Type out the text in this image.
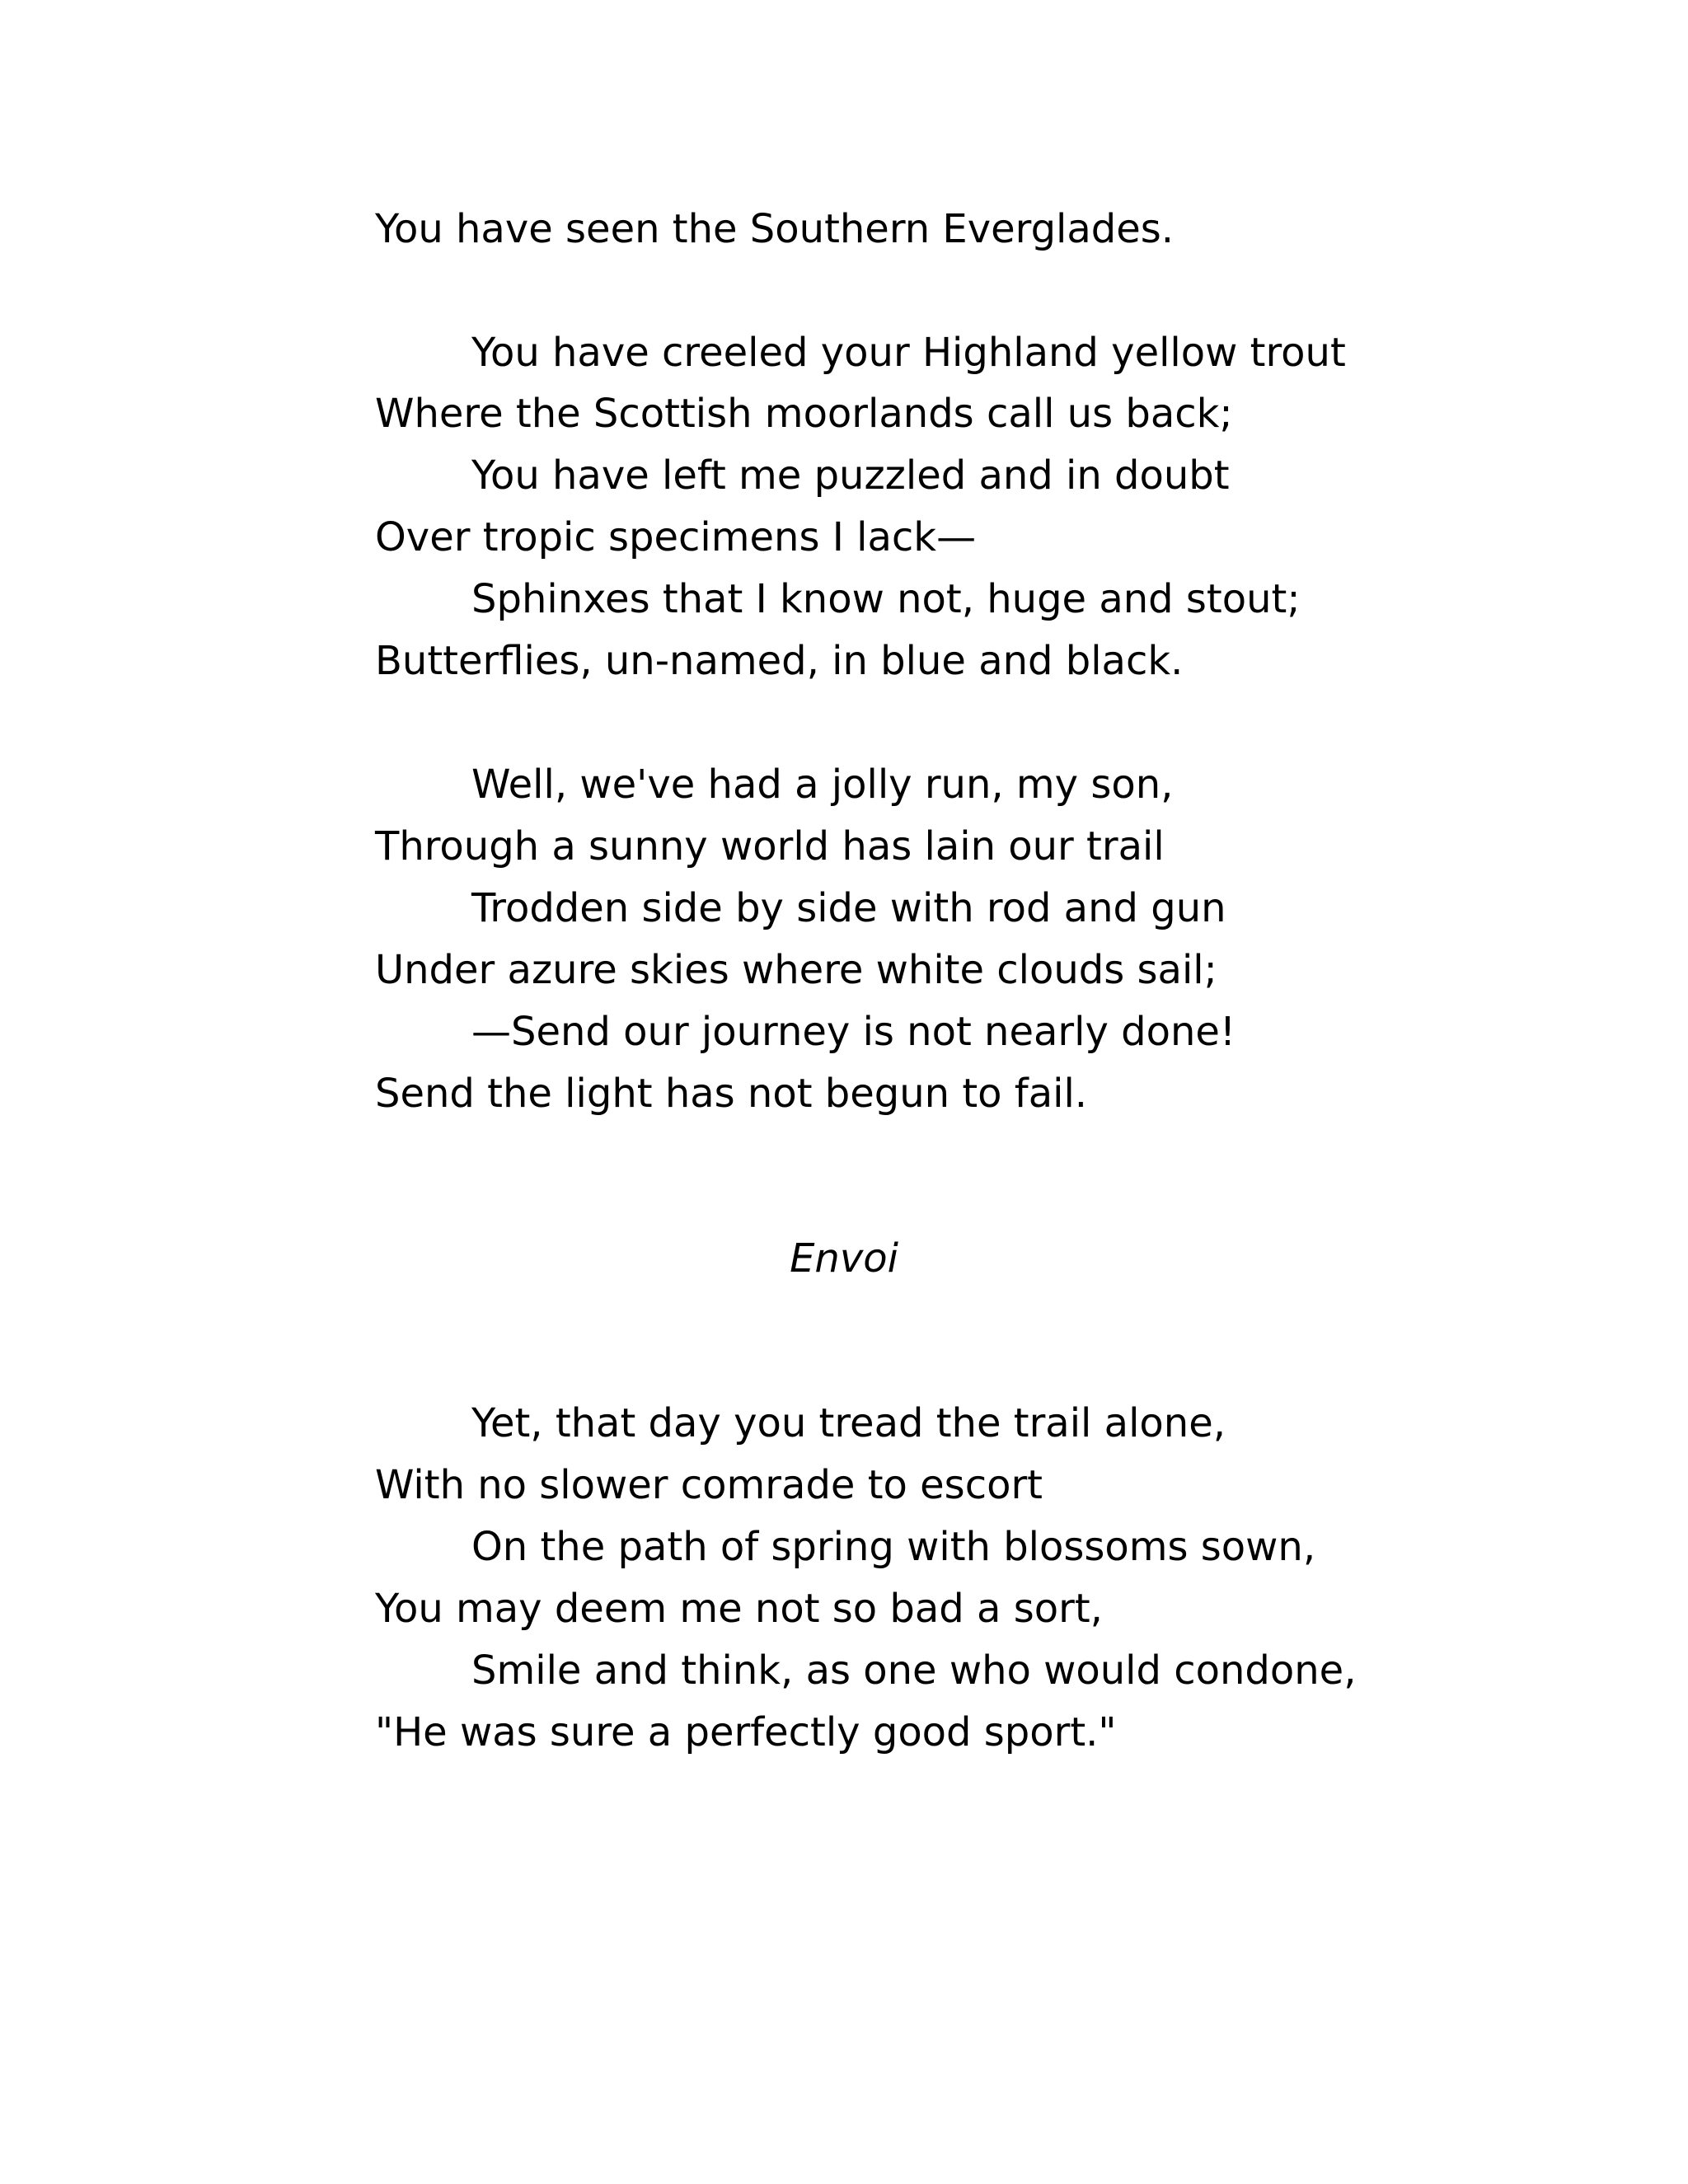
You have seen the Southern Everglades.
You have creeled your Highland yellow trout
Where the Scottish moorlands call us back;
You have left me puzzled and in doubt
Over tropic specimens I lack—
Sphinxes that I know not, huge and stout;
Butterflies, un-named, in blue and black.
Well, we've had a jolly run, my son,
Through a sunny world has lain our trail
Trodden side by side with rod and gun
Under azure skies where white clouds sail;
—Send our journey is not nearly done!
Send the light has not begun to fail.
Envoi
Yet, that day you tread the trail alone,
With no slower comrade to escort
On the path of spring with blossoms sown,
You may deem me not so bad a sort,
Smile and think, as one who would condone,
"He was sure a perfectly good sport."
